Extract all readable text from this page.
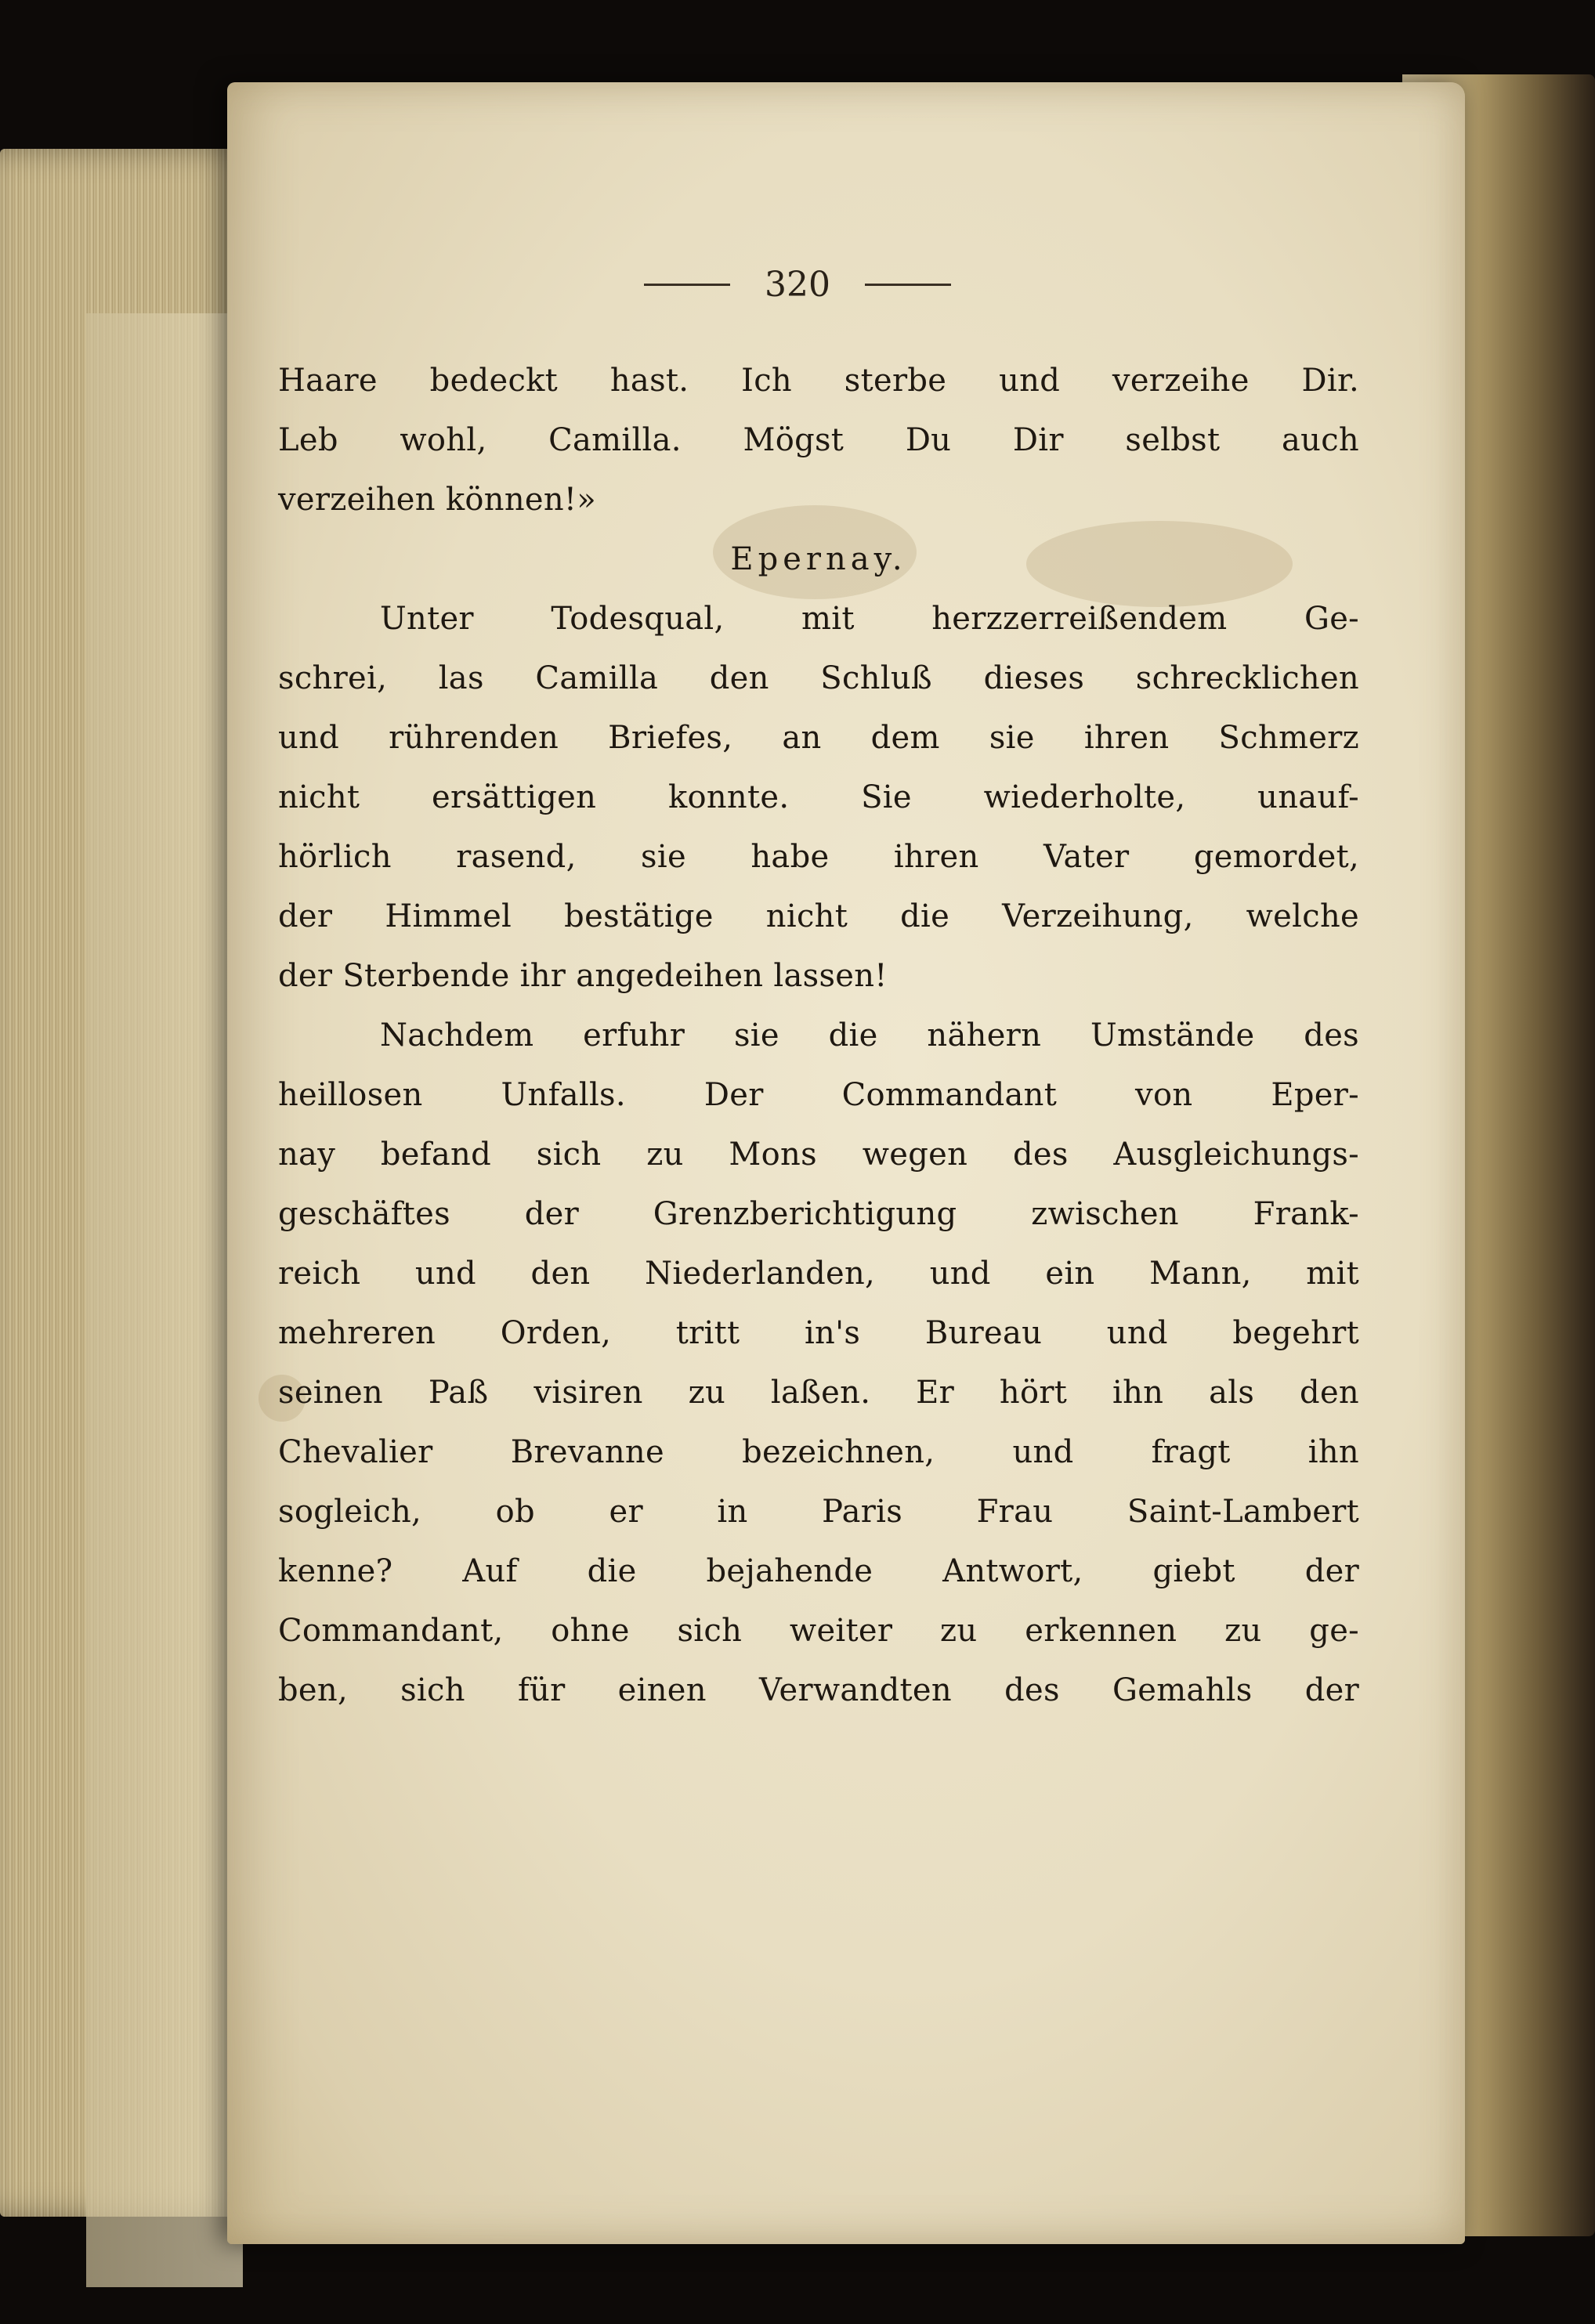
320
Haare bedeckt hast. Ich sterbe und verzeihe Dir.
Leb wohl, Camilla. Mögst Du Dir selbst auch
verzeihen können!»
Epernay.
Unter Todesqual, mit herzzerreißendem Ge-
schrei, las Camilla den Schluß dieses schrecklichen
und rührenden Briefes, an dem sie ihren Schmerz
nicht ersättigen konnte. Sie wiederholte, unauf-
hörlich rasend, sie habe ihren Vater gemordet,
der Himmel bestätige nicht die Verzeihung, welche
der Sterbende ihr angedeihen lassen!
Nachdem erfuhr sie die nähern Umstände des
heillosen Unfalls. Der Commandant von Eper-
nay befand sich zu Mons wegen des Ausgleichungs-
geschäftes der Grenzberichtigung zwischen Frank-
reich und den Niederlanden, und ein Mann, mit
mehreren Orden, tritt in's Bureau und begehrt
seinen Paß visiren zu laßen. Er hört ihn als den
Chevalier Brevanne bezeichnen, und fragt ihn
sogleich, ob er in Paris Frau Saint-Lambert
kenne? Auf die bejahende Antwort, giebt der
Commandant, ohne sich weiter zu erkennen zu ge-
ben, sich für einen Verwandten des Gemahls der
